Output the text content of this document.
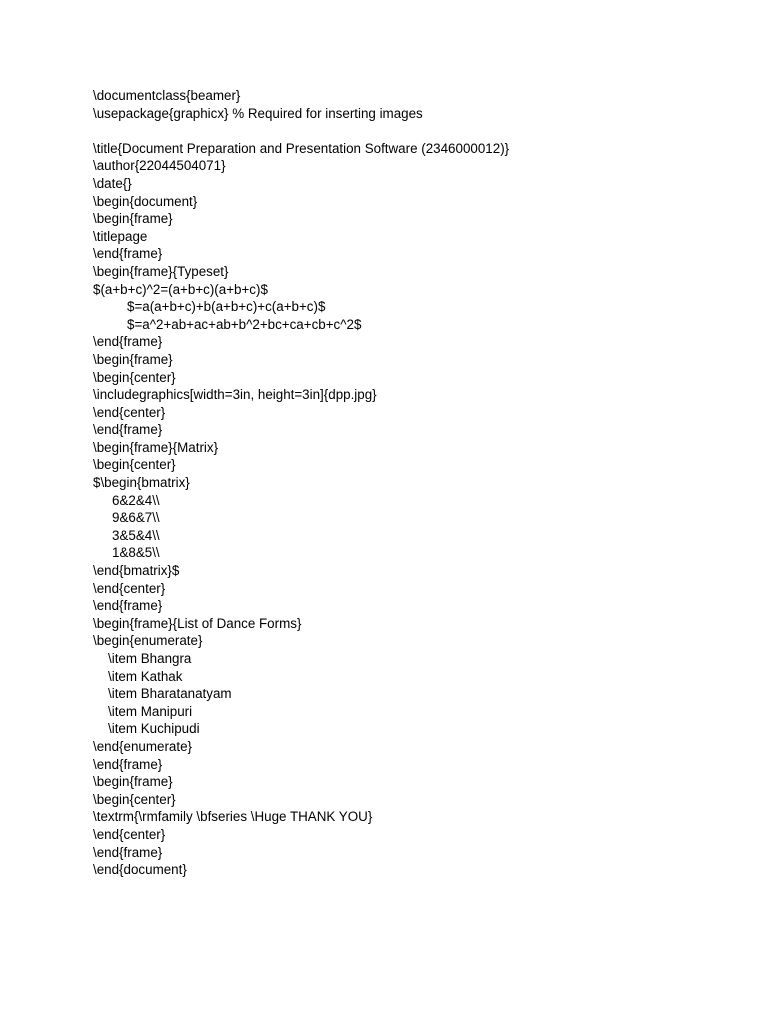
\documentclass{beamer}
\usepackage{graphicx} % Required for inserting images
\title{Document Preparation and Presentation Software (2346000012)}
\author{22044504071}
\date{}
\begin{document}
\begin{frame}
\titlepage
\end{frame}
\begin{frame}{Typeset}
$(a+b+c)^2=(a+b+c)(a+b+c)$
$=a(a+b+c)+b(a+b+c)+c(a+b+c)$
$=a^2+ab+ac+ab+b^2+bc+ca+cb+c^2$
\end{frame}
\begin{frame}
\begin{center}
\includegraphics[width=3in, height=3in]{dpp.jpg}
\end{center}
\end{frame}
\begin{frame}{Matrix}
\begin{center}
$\begin{bmatrix}
6&2&4\\
9&6&7\\
3&5&4\\
1&8&5\\
\end{bmatrix}$
\end{center}
\end{frame}
\begin{frame}{List of Dance Forms}
\begin{enumerate}
\item Bhangra
\item Kathak
\item Bharatanatyam
\item Manipuri
\item Kuchipudi
\end{enumerate}
\end{frame}
\begin{frame}
\begin{center}
\textrm{\rmfamily \bfseries \Huge THANK YOU}
\end{center}
\end{frame}
\end{document}
